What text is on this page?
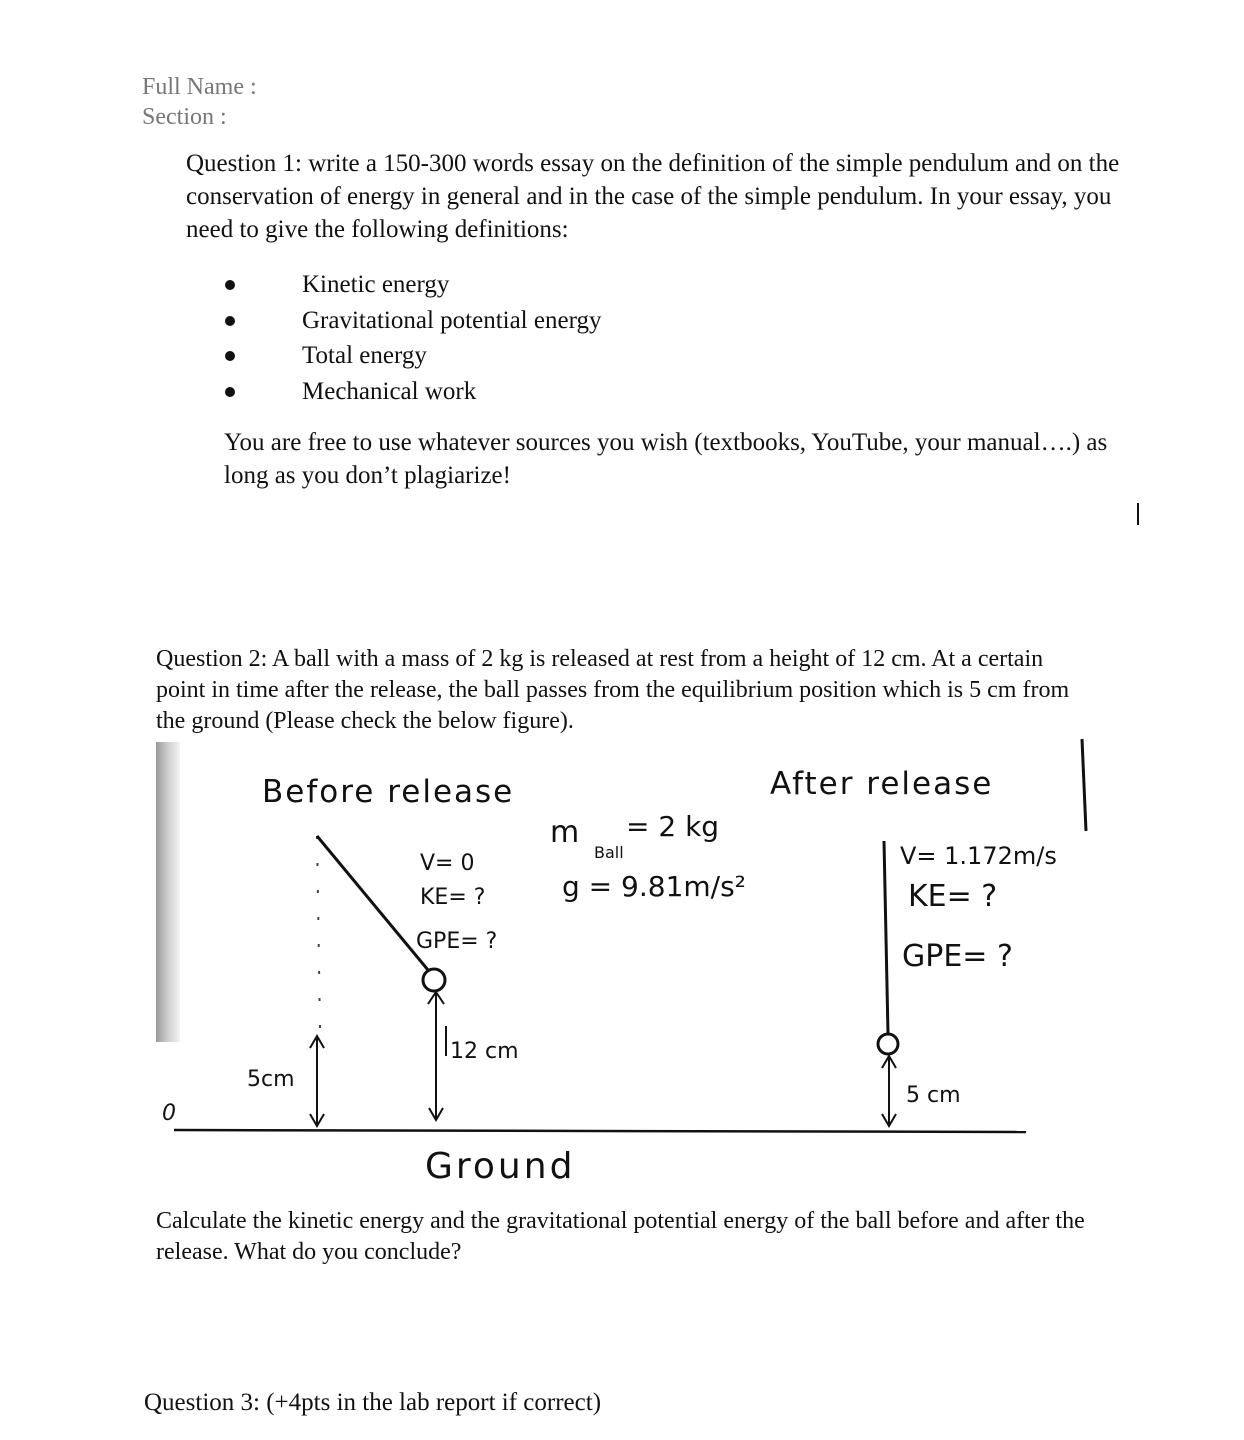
Full Name :
Section :
Question 1: write a 150-300 words essay on the definition of the simple pendulum and on the conservation of energy in general and in the case of the simple pendulum. In your essay, you need to give the following definitions:
Kinetic energy
Gravitational potential energy
Total energy
Mechanical work
You are free to use whatever sources you wish (textbooks, YouTube, your manual….) as long as you don’t plagiarize!
Question 2: A ball with a mass of 2 kg is released at rest from a height of 12 cm. At a certain point in time after the release, the ball passes from the equilibrium position which is 5 cm from the ground (Please check the below figure).
0
Ground
Before release	After release
m
Ball
= 2 kg
g = 9.81m/s²
12 cm
5cm
V= 0
KE= ?
GPE= ?
5 cm
V= 1.172m/s
KE= ?
GPE= ?
Calculate the kinetic energy and the gravitational potential energy of the ball before and after the release. What do you conclude?
Question 3: (+4pts in the lab report if correct)
